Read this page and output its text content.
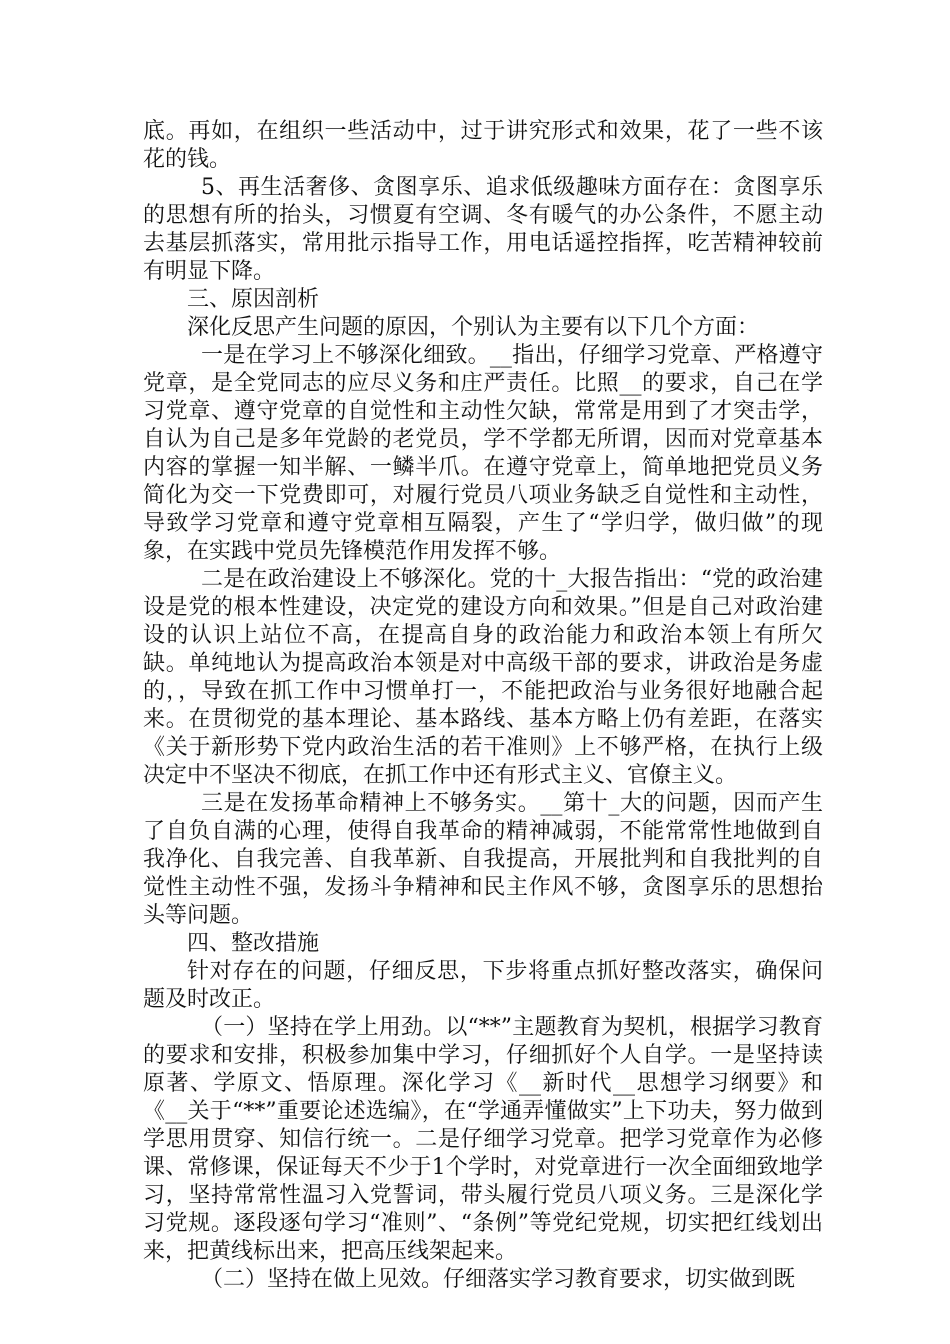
底。再如，在组织一些活动中，过于讲究形式和效果，花了一些不该花的钱。

5、再生活奢侈、贪图享乐、追求低级趣味方面存在：贪图享乐的思想有所的抬头，习惯夏有空调、冬有暖气的办公条件，不愿主动去基层抓落实，常用批示指导工作，用电话遥控指挥，吃苦精神较前有明显下降。

三、原因剖析

深化反思产生问题的原因，个别认为主要有以下几个方面：

一是在学习上不够深化细致。__指出，仔细学习党章、严格遵守党章，是全党同志的应尽义务和庄严责任。比照__的要求，自己在学习党章、遵守党章的自觉性和主动性欠缺，常常是用到了才突击学，自认为自己是多年党龄的老党员，学不学都无所谓，因而对党章基本内容的掌握一知半解、一鳞半爪。在遵守党章上，简单地把党员义务简化为交一下党费即可，对履行党员八项业务缺乏自觉性和主动性，导致学习党章和遵守党章相互隔裂，产生了“学归学，做归做”的现象，在实践中党员先锋模范作用发挥不够。

二是在政治建设上不够深化。党的十_大报告指出：“党的政治建设是党的根本性建设，决定党的建设方向和效果。”但是自己对政治建设的认识上站位不高，在提高自身的政治能力和政治本领上有所欠缺。单纯地认为提高政治本领是对中高级干部的要求，讲政治是务虚的，，导致在抓工作中习惯单打一，不能把政治与业务很好地融合起来。在贯彻党的基本理论、基本路线、基本方略上仍有差距，在落实《关于新形势下党内政治生活的若干准则》上不够严格，在执行上级决定中不坚决不彻底，在抓工作中还有形式主义、官僚主义。

三是在发扬革命精神上不够务实。__第十_大的问题，因而产生了自负自满的心理，使得自我革命的精神减弱，不能常常性地做到自我净化、自我完善、自我革新、自我提高，开展批判和自我批判的自觉性主动性不强，发扬斗争精神和民主作风不够，贪图享乐的思想抬头等问题。

四、整改措施

针对存在的问题，仔细反思，下步将重点抓好整改落实，确保问题及时改正。

（一）坚持在学上用劲。以“**”主题教育为契机，根据学习教育的要求和安排，积极参加集中学习，仔细抓好个人自学。一是坚持读原著、学原文、悟原理。深化学习《__新时代__思想学习纲要》和《__关于“**”重要论述选编》，在“学通弄懂做实”上下功夫，努力做到学思用贯穿、知信行统一。二是仔细学习党章。把学习党章作为必修课、常修课，保证每天不少于1个学时，对党章进行一次全面细致地学习，坚持常常性温习入党誓词，带头履行党员八项义务。三是深化学习党规。逐段逐句学习“准则”、“条例”等党纪党规，切实把红线划出来，把黄线标出来，把高压线架起来。

（二）坚持在做上见效。仔细落实学习教育要求，切实做到既
